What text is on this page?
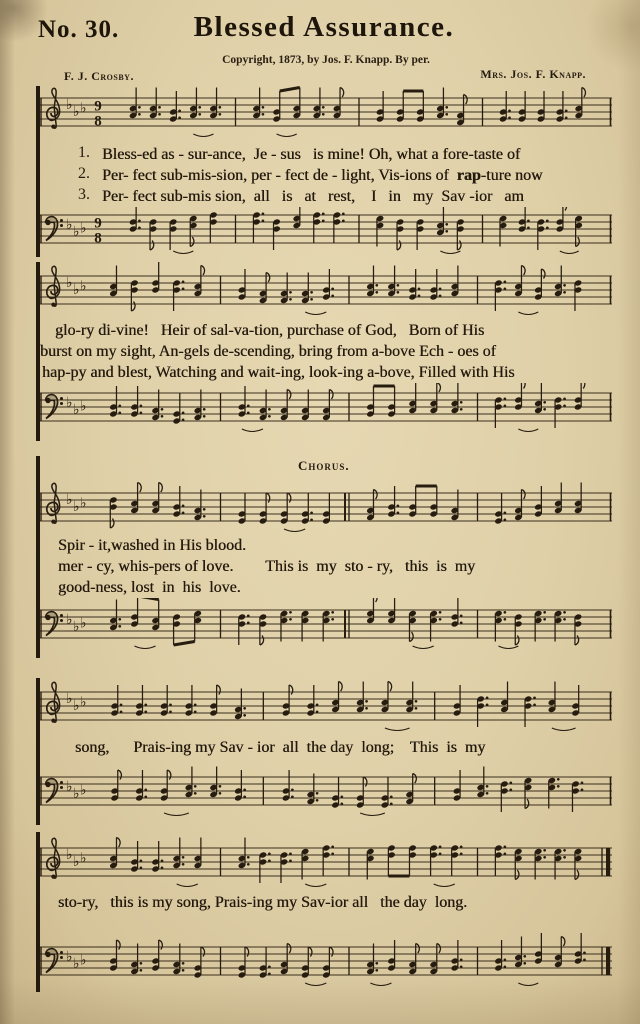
No. 30.	Blessed Assurance.
Copyright, 1873, by Jos. F. Knapp. By per.
F. J. Crosby.	Mrs. Jos. F. Knapp.
♭ ♭ ♭ 9
8
1.
Bless-ed as - sur-ance,  Je - sus   is mine! Oh, what a fore-taste of
2.
Per- fect sub-mis-sion, per - fect de - light, Vis-ions of  rap-ture now
3.
Per- fect sub-mis sion,  all   is   at   rest,    I   in   my  Sav -ior   am
♭ ♭ ♭ 9
8
♭ ♭ ♭
glo-ry di-vine!   Heir of sal-va-tion, purchase of God,   Born of His
burst on my sight, An-gels de-scending, bring from a-bove Ech - oes of
hap-py and blest, Watching and wait-ing, look-ing a-bove, Filled with His
♭ ♭ ♭
Chorus.
♭ ♭ ♭
Spir - it,washed in His blood.
mer - cy, whis-pers of love.        This is  my  sto - ry,   this  is  my
good-ness, lost  in  his  love.
♭ ♭ ♭
♭ ♭ ♭
song,      Prais-ing my Sav - ior  all  the day  long;    This  is  my
♭ ♭ ♭
♭ ♭ ♭
sto-ry,   this is my song, Prais-ing my Sav-ior all   the day  long.
♭ ♭ ♭
